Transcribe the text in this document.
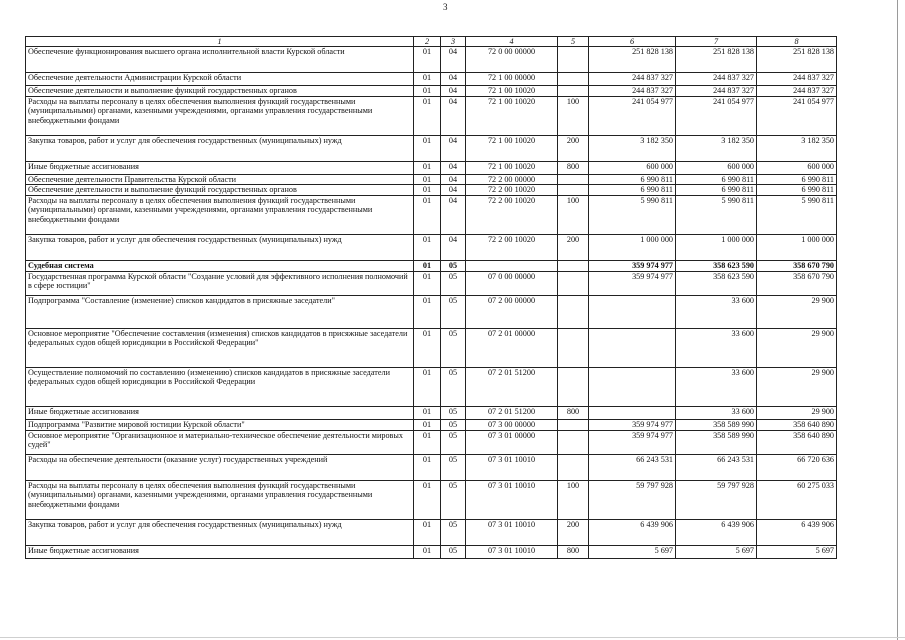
3
1	2	3	4	5	6	7	8
Обеспечение функционирования высшего органа исполнительной власти Курской области	01	04	72 0 00 00000		251 828 138	251 828 138	251 828 138
Обеспечение деятельности Администрации Курской области	01	04	72 1 00 00000		244 837 327	244 837 327	244 837 327
Обеспечение деятельности и выполнение функций государственных органов	01	04	72 1 00 10020		244 837 327	244 837 327	244 837 327
Расходы на выплаты персоналу в целях обеспечения выполнения функций государственными (муниципальными) органами, казенными учреждениями, органами управления государственными внебюджетными фондами	01	04	72 1 00 10020	100	241 054 977	241 054 977	241 054 977
Закупка товаров, работ и услуг для обеспечения государственных (муниципальных) нужд	01	04	72 1 00 10020	200	3 182 350	3 182 350	3 182 350
Иные бюджетные ассигнования	01	04	72 1 00 10020	800	600 000	600 000	600 000
Обеспечение деятельности Правительства Курской области	01	04	72 2 00 00000		6 990 811	6 990 811	6 990 811
Обеспечение деятельности и выполнение функций государственных органов	01	04	72 2 00 10020		6 990 811	6 990 811	6 990 811
Расходы на выплаты персоналу в целях обеспечения выполнения функций государственными (муниципальными) органами, казенными учреждениями, органами управления государственными внебюджетными фондами	01	04	72 2 00 10020	100	5 990 811	5 990 811	5 990 811
Закупка товаров, работ и услуг для обеспечения государственных (муниципальных) нужд	01	04	72 2 00 10020	200	1 000 000	1 000 000	1 000 000
Судебная система	01	05			359 974 977	358 623 590	358 670 790
Государственная программа Курской области "Создание условий для эффективного исполнения полномочий в сфере юстиции"	01	05	07 0 00 00000		359 974 977	358 623 590	358 670 790
Подпрограмма "Составление (изменение) списков кандидатов в присяжные заседатели"	01	05	07 2 00 00000			33 600	29 900
Основное мероприятие "Обеспечение составления (изменения) списков кандидатов в присяжные заседатели федеральных судов общей юрисдикции в Российской Федерации"	01	05	07 2 01 00000			33 600	29 900
Осуществление полномочий по составлению (изменению) списков кандидатов в присяжные заседатели федеральных судов общей юрисдикции в Российской Федерации	01	05	07 2 01 51200			33 600	29 900
Иные бюджетные ассигнования	01	05	07 2 01 51200	800		33 600	29 900
Подпрограмма "Развитие мировой юстиции Курской области"	01	05	07 3 00 00000		359 974 977	358 589 990	358 640 890
Основное мероприятие "Организационное и материально-техническое обеспечение деятельности мировых судей"	01	05	07 3 01 00000		359 974 977	358 589 990	358 640 890
Расходы на обеспечение деятельности (оказание услуг) государственных учреждений	01	05	07 3 01 10010		66 243 531	66 243 531	66 720 636
Расходы на выплаты персоналу в целях обеспечения выполнения функций государственными (муниципальными) органами, казенными учреждениями, органами управления государственными внебюджетными фондами	01	05	07 3 01 10010	100	59 797 928	59 797 928	60 275 033
Закупка товаров, работ и услуг для обеспечения государственных (муниципальных) нужд	01	05	07 3 01 10010	200	6 439 906	6 439 906	6 439 906
Иные бюджетные ассигнования	01	05	07 3 01 10010	800	5 697	5 697	5 697
